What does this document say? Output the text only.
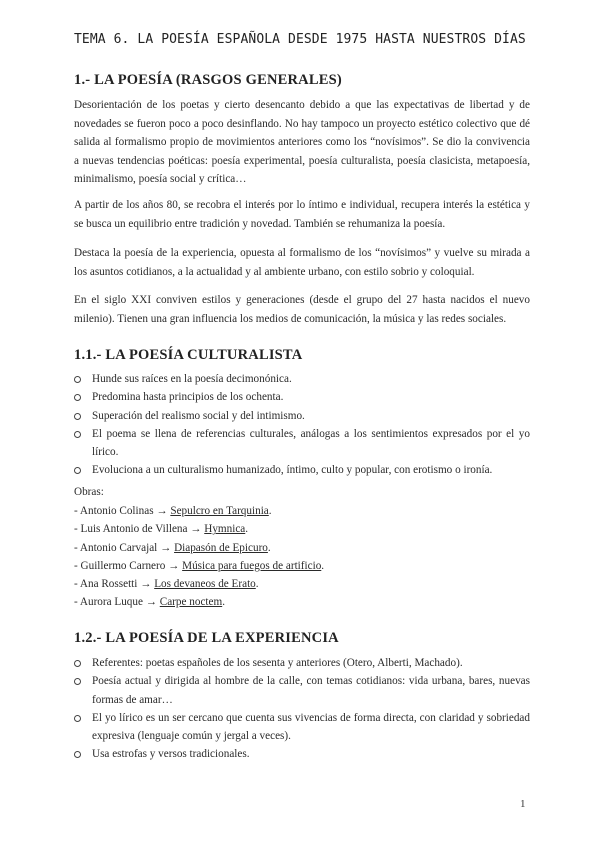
TEMA 6. LA POESÍA ESPAÑOLA DESDE 1975 HASTA NUESTROS DÍAS
1.- LA POESÍA (RASGOS GENERALES)

Desorientación de los poetas y cierto desencanto debido a que las expectativas de libertad y de novedades se fueron poco a poco desinflando. No hay tampoco un proyecto estético colectivo que dé salida al formalismo propio de movimientos anteriores como los “novísimos”. Se dio la convivencia a nuevas tendencias poéticas: poesía experimental, poesía culturalista, poesía clasicista, metapoesía, minimalismo, poesía social y crítica…

A partir de los años 80, se recobra el interés por lo íntimo e individual, recupera interés la estética y se busca un equilibrio entre tradición y novedad. También se rehumaniza la poesía.

Destaca la poesía de la experiencia, opuesta al formalismo de los “novísimos” y vuelve su mirada a los asuntos cotidianos, a la actualidad y al ambiente urbano, con estilo sobrio y coloquial.

En el siglo XXI conviven estilos y generaciones (desde el grupo del 27 hasta nacidos el nuevo milenio). Tienen una gran influencia los medios de comunicación, la música y las redes sociales.

1.1.- LA POESÍA CULTURALISTA
Hunde sus raíces en la poesía decimonónica.
Predomina hasta principios de los ochenta.
Superación del realismo social y del intimismo.
El poema se llena de referencias culturales, análogas a los sentimientos expresados por el yo lírico.
Evoluciona a un culturalismo humanizado, íntimo, culto y popular, con erotismo o ironía.
Obras:
- Antonio Colinas → Sepulcro en Tarquinia.
- Luis Antonio de Villena → Hymnica.
- Antonio Carvajal → Diapasón de Epicuro.
- Guillermo Carnero → Música para fuegos de artificio.
- Ana Rossetti → Los devaneos de Erato.
- Aurora Luque → Carpe noctem.
1.2.- LA POESÍA DE LA EXPERIENCIA
Referentes: poetas españoles de los sesenta y anteriores (Otero, Alberti, Machado).
Poesía actual y dirigida al hombre de la calle, con temas cotidianos: vida urbana, bares, nuevas formas de amar…
El yo lírico es un ser cercano que cuenta sus vivencias de forma directa, con claridad y sobriedad expresiva (lenguaje común y jergal a veces).
Usa estrofas y versos tradicionales.
1
